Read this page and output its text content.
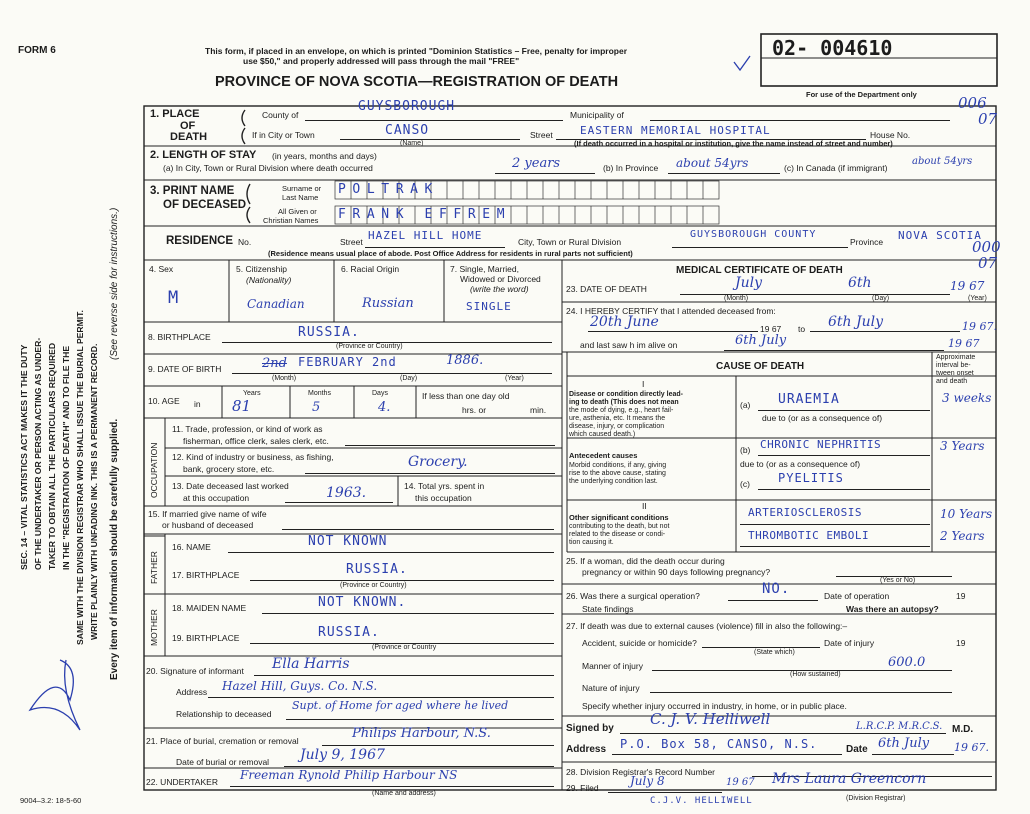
SEC. 14 – VITAL STATISTICS ACT MAKES IT THE DUTY OF THE UNDERTAKER OR PERSON ACTING AS UNDER- TAKER TO OBTAIN ALL THE PARTICULARS REQUIRED IN THE "REGISTRATION OF DEATH" AND TO FILE THE SAME WITH THE DIVISION REGISTRAR WHO SHALL ISSUE THE BURIAL PERMIT. WRITE PLAINLY WITH UNFADING INK. THIS IS A PERMANENT RECORD. Every item of information should be carefully supplied.
(See reverse side for instructions.)
FORM 6	This form, if placed in an envelope, on which is printed "Dominion Statistics – Free, penalty for improper
use $50," and properly addressed will pass through the mail "FREE"
PROVINCE OF NOVA SCOTIA—REGISTRATION OF DEATH
02- 004610
For use of the Department only	006
07
000
07
1. PLACE
OF
DEATH
County of
GUYSBOROUGH
Municipality of
If in City or Town	CANSO
(Name)
Street EASTERN MEMORIAL HOSPITAL	House No.
(If death occurred in a hospital or institution, give the name instead of street and number)
2. LENGTH OF STAY (in years, months and days)
(a) In City, Town or Rural Division where death occurred	2 years	(b) In Province about 54yrs	(c) In Canada (if immigrant)
about 54yrs
3. PRINT NAME
OF DECEASED
Surname or
Last Name
POLTRAK
All Given or
Christian Names FRANK EFFREM
RESIDENCE No.	Street HAZEL HILL HOME	City, Town or Rural Division
GUYSBOROUGH COUNTY
Province NOVA SCOTIA
(Residence means usual place of abode. Post Office Address for residents in rural parts not sufficient)
4. Sex
M
5. Citizenship
(Nationality)
Canadian
6. Racial Origin
Russian
7. Single, Married,
Widowed or Divorced
(write the word)
SINGLE
8. BIRTHPLACE	RUSSIA.
(Province or Country)
9. DATE OF BIRTH	2nd FEBRUARY 2nd	1886.
(Month)	(Day)	(Year)
10. AGE in
Years	Months	Days
81	5	4.
If less than one day old
hrs. or	min.
OCCUPATION
11. Trade, profession, or kind of work as
fisherman, office clerk, sales clerk, etc.
12. Kind of industry or business, as fishing,
bank, grocery store, etc.	Grocery.
13. Date deceased last worked
at this occupation	1963.	14. Total yrs. spent in
this occupation
15. If married give name of wife
or husband of deceased
FATHER
MOTHER
16. NAME	NOT KNOWN
17. BIRTHPLACE	RUSSIA.
(Province or Country)
18. MAIDEN NAME	NOT KNOWN.
19. BIRTHPLACE	RUSSIA.
(Province or Country
20. Signature of informant Ella Harris
Address Hazel Hill, Guys. Co. N.S.
Relationship to deceased
Supt. of Home for aged where he lived
21. Place of burial, cremation or removal	Philips Harbour, N.S.
Date of burial or removal July 9, 1967
22. UNDERTAKER Freeman Rynold Philip Harbour NS
(Name and address)
MEDICAL CERTIFICATE OF DEATH
23. DATE OF DEATH	July	6th	19 67
(Month)	(Day)	(Year)
24. I HEREBY CERTIFY that I attended deceased from:
20th June	19 67 to 6th July	19 67.
and last saw h im alive on	6th July	19 67
CAUSE OF DEATH
Approximate
interval be-
tween onset
and death
I
Disease or condition directly lead-
ing to death (This does not mean
the mode of dying, e.g., heart fail-
ure, asthenia, etc. It means the
disease, injury, or complication
which caused death.)
(a) URAEMIA	3 weeks
due to (or as a consequence of)
Antecedent causes
Morbid conditions, if any, giving
rise to the above cause, stating
the underlying condition last.
(b) CHRONIC NEPHRITIS	3 Years
due to (or as a consequence of)
(c) PYELITIS
II
Other significant conditions
contributing to the death, but not
related to the disease or condi-
tion causing it.
ARTERIOSCLEROSIS	10 Years
THROMBOTIC EMBOLI	2 Years
25. If a woman, did the death occur during
pregnancy or within 90 days following pregnancy?
(Yes or No)
26. Was there a surgical operation?	NO.	Date of operation	19
State findings	Was there an autopsy?
27. If death was due to external causes (violence) fill in also the following:–
Accident, suicide or homicide?	Date of injury	19
(State which)
Manner of injury	600.0
(How sustained)
Nature of injury
Specify whether injury occurred in industry, in home, or in public place.
Signed by
C. J. V. Helliwell	L.R.C.P. M.R.C.S. M.D.
Address P.O. Box 58, CANSO, N.S.	Date 6th July 19 67.
28. Division Registrar's Record Number
29. Filed	July 8	19 67 Mrs Laura Greencorn
(Division Registrar)
C.J.V. HELLIWELL
9004–3.2: 18-5-60
